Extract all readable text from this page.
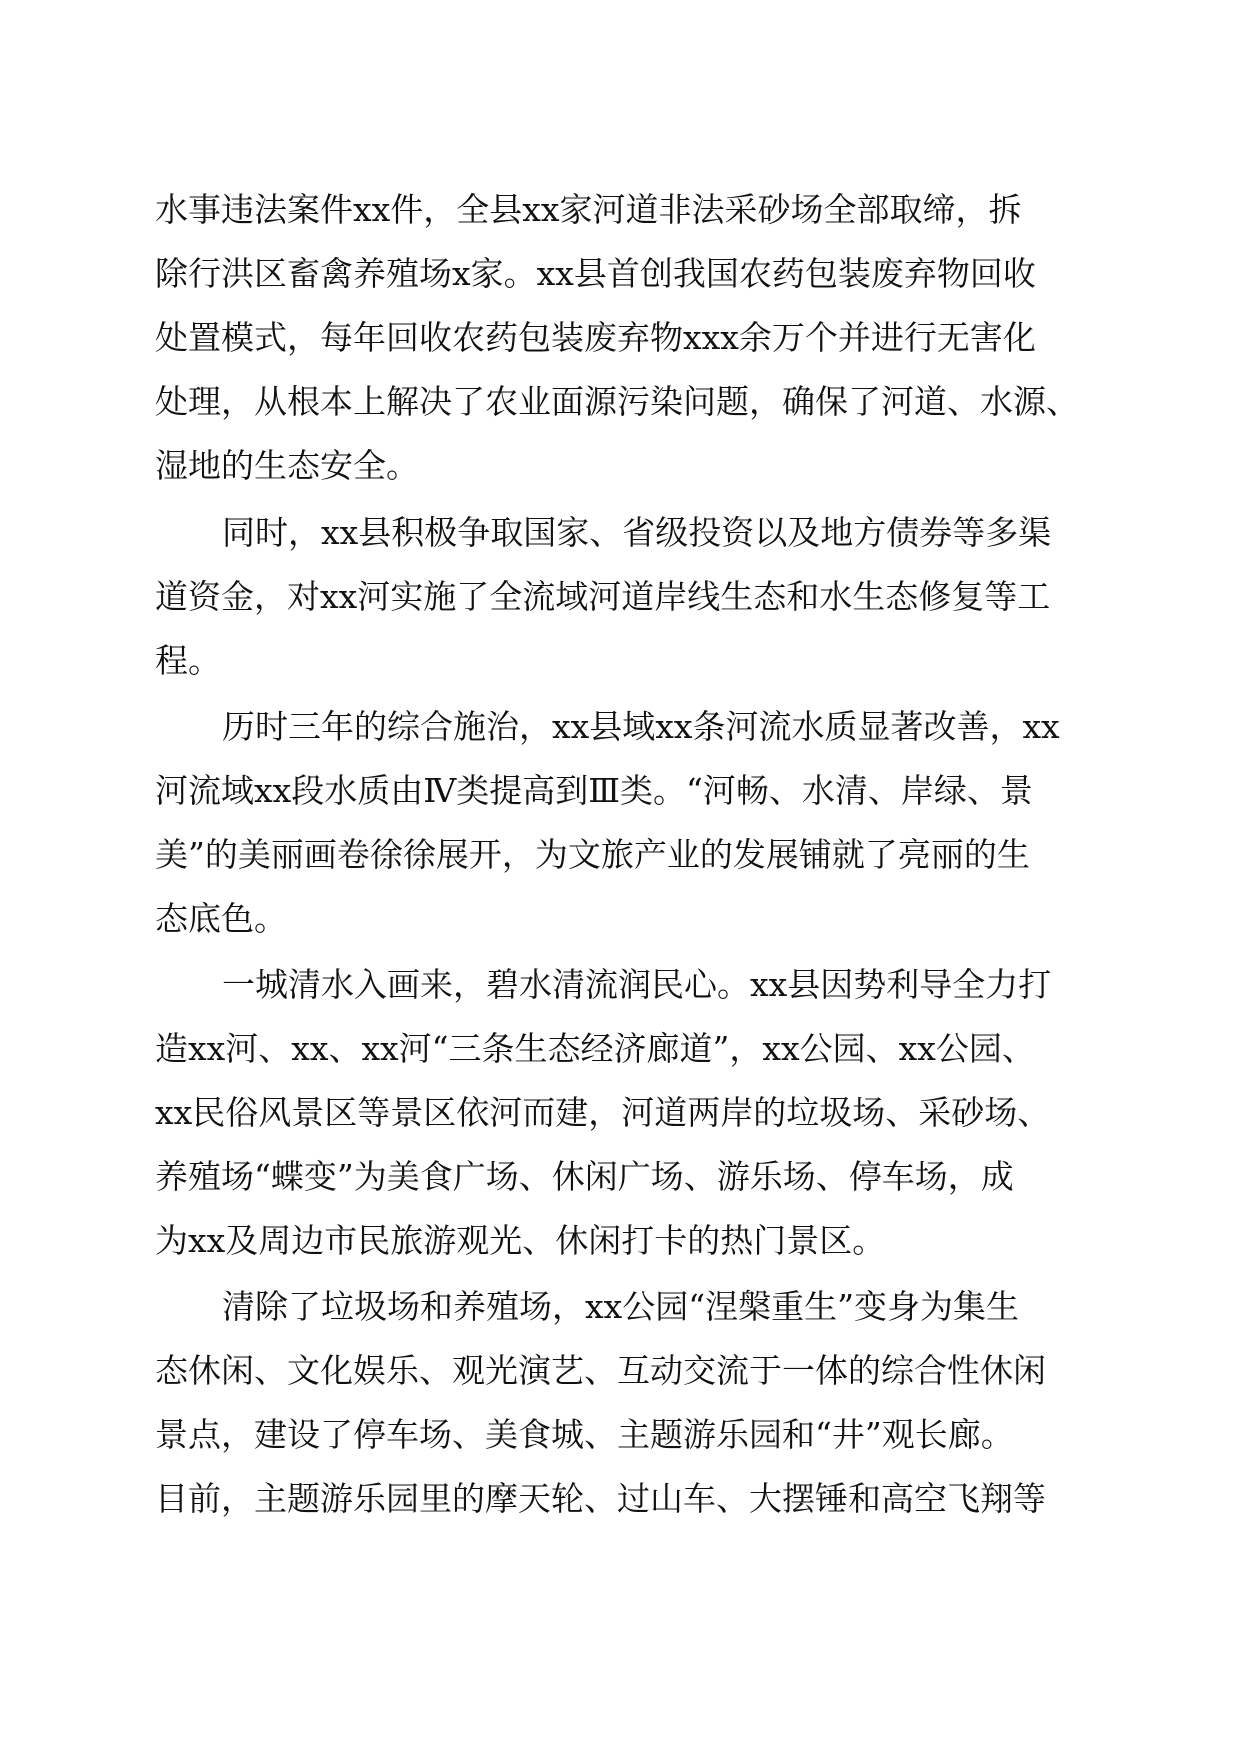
水事违法案件xx件，全县xx家河道非法采砂场全部取缔，拆
除行洪区畜禽养殖场x家。xx县首创我国农药包装废弃物回收
处置模式，每年回收农药包装废弃物xxx余万个并进行无害化
处理，从根本上解决了农业面源污染问题，确保了河道、水源、
湿地的生态安全。
同时，xx县积极争取国家、省级投资以及地方债券等多渠
道资金，对xx河实施了全流域河道岸线生态和水生态修复等工
程。
历时三年的综合施治，xx县域xx条河流水质显著改善，xx
河流域xx段水质由Ⅳ类提高到Ⅲ类。“河畅、水清、岸绿、景
美”的美丽画卷徐徐展开，为文旅产业的发展铺就了亮丽的生
态底色。
一城清水入画来，碧水清流润民心。xx县因势利导全力打
造xx河、xx、xx河“三条生态经济廊道”，xx公园、xx公园、
xx民俗风景区等景区依河而建，河道两岸的垃圾场、采砂场、
养殖场“蝶变”为美食广场、休闲广场、游乐场、停车场，成
为xx及周边市民旅游观光、休闲打卡的热门景区。
清除了垃圾场和养殖场，xx公园“涅槃重生”变身为集生
态休闲、文化娱乐、观光演艺、互动交流于一体的综合性休闲
景点，建设了停车场、美食城、主题游乐园和“井”观长廊。
目前，主题游乐园里的摩天轮、过山车、大摆锤和高空飞翔等
